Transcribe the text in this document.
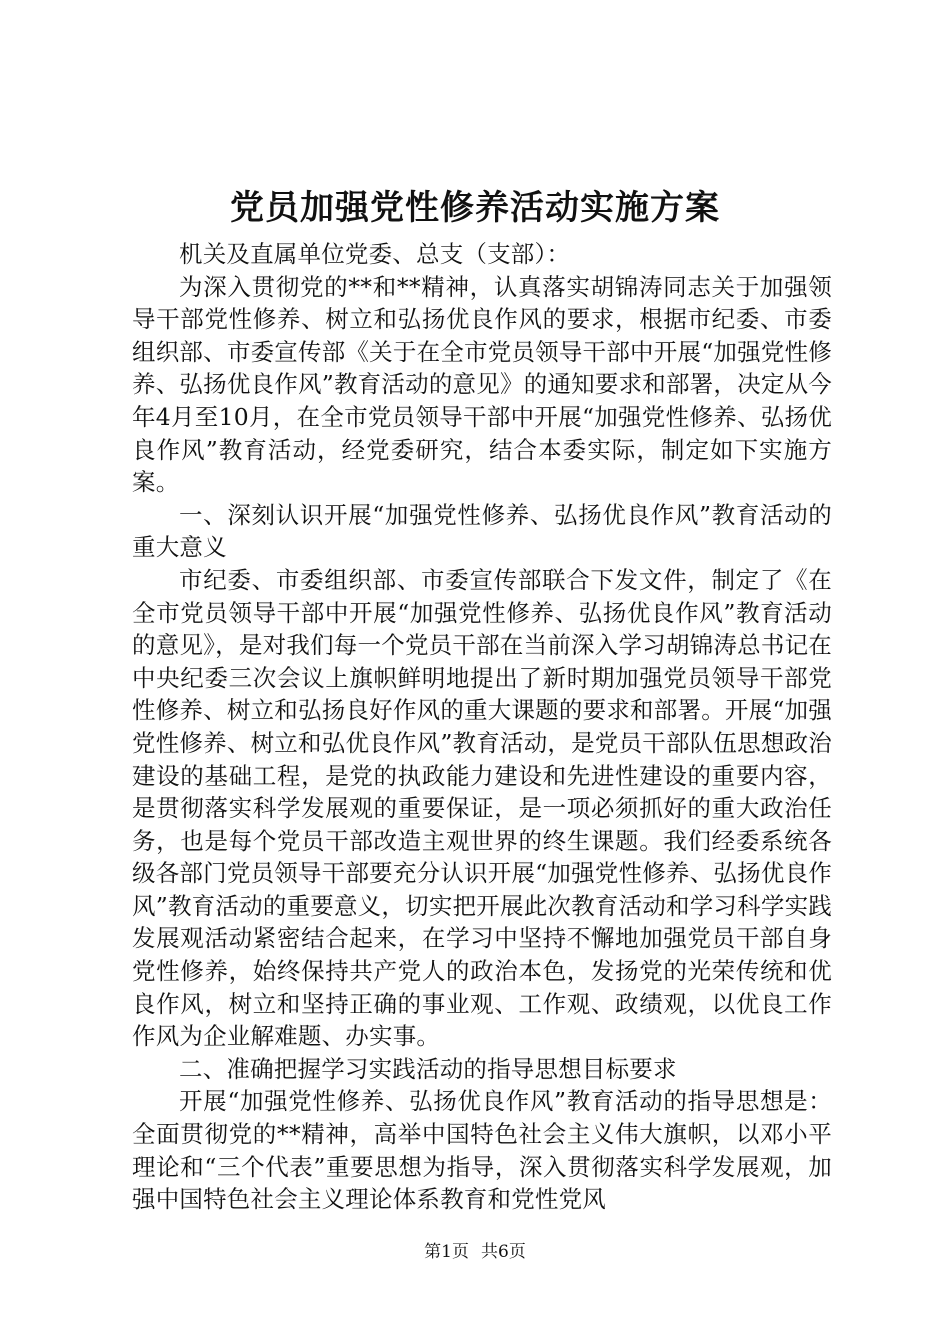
党员加强党性修养活动实施方案

机关及直属单位党委、总支（支部）：

为深入贯彻党的**和**精神，认真落实胡锦涛同志关于加强领导干部党性修养、树立和弘扬优良作风的要求，根据市纪委、市委组织部、市委宣传部《关于在全市党员领导干部中开展“加强党性修养、弘扬优良作风”教育活动的意见》的通知要求和部署，决定从今年4月至10月，在全市党员领导干部中开展“加强党性修养、弘扬优良作风”教育活动，经党委研究，结合本委实际，制定如下实施方案。

一、深刻认识开展“加强党性修养、弘扬优良作风”教育活动的重大意义

市纪委、市委组织部、市委宣传部联合下发文件，制定了《在全市党员领导干部中开展“加强党性修养、弘扬优良作风”教育活动的意见》，是对我们每一个党员干部在当前深入学习胡锦涛总书记在中央纪委三次会议上旗帜鲜明地提出了新时期加强党员领导干部党性修养、树立和弘扬良好作风的重大课题的要求和部署。开展“加强党性修养、树立和弘优良作风”教育活动，是党员干部队伍思想政治建设的基础工程，是党的执政能力建设和先进性建设的重要内容，是贯彻落实科学发展观的重要保证，是一项必须抓好的重大政治任务，也是每个党员干部改造主观世界的终生课题。我们经委系统各级各部门党员领导干部要充分认识开展“加强党性修养、弘扬优良作风”教育活动的重要意义，切实把开展此次教育活动和学习科学实践发展观活动紧密结合起来，在学习中坚持不懈地加强党员干部自身党性修养，始终保持共产党人的政治本色，发扬党的光荣传统和优良作风，树立和坚持正确的事业观、工作观、政绩观，以优良工作作风为企业解难题、办实事。

二、准确把握学习实践活动的指导思想目标要求

开展“加强党性修养、弘扬优良作风”教育活动的指导思想是：全面贯彻党的**精神，高举中国特色社会主义伟大旗帜，以邓小平理论和“三个代表”重要思想为指导，深入贯彻落实科学发展观，加强中国特色社会主义理论体系教育和党性党风

第1页 共6页
